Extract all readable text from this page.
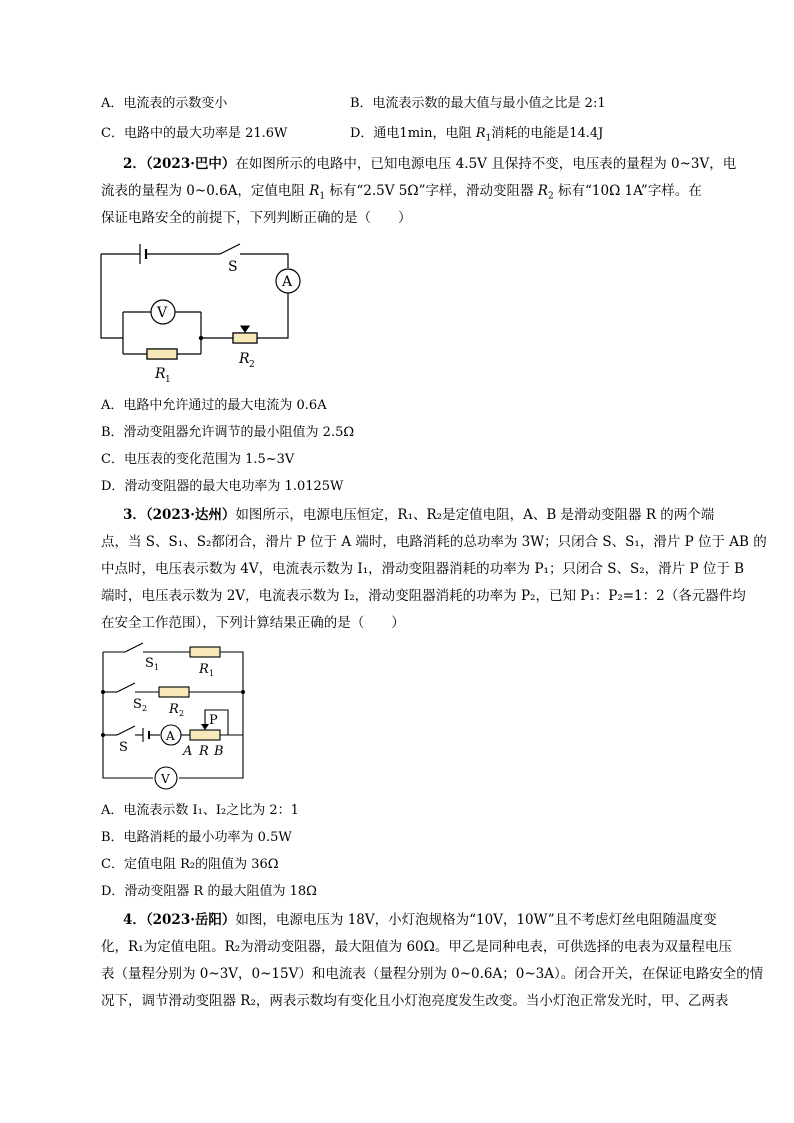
A．电流表的示数变小	B．电流表示数的最大值与最小值之比是 2:1
C．电路中的最大功率是 21.6W	D．通电1min，电阻 $R_1$消耗的电能是14.4J
2．（2023·巴中）在如图所示的电路中，已知电源电压 4.5V 且保持不变，电压表的量程为 0~3V，电
流表的量程为 0~0.6A，定值电阻 $R_1$ 标有“2.5V 5Ω”字样，滑动变阻器 $R_2$ 标有“10Ω 1A”字样。在
保证电路安全的前提下，下列判断正确的是（　　）
S
A
V
R 2
R 1
A．电路中允许通过的最大电流为 0.6A
B．滑动变阻器允许调节的最小阻值为 2.5Ω
C．电压表的变化范围为 1.5~3V
D．滑动变阻器的最大电功率为 1.0125W
3．（2023·达州）如图所示，电源电压恒定，R₁、R₂是定值电阻，A、B 是滑动变阻器 R 的两个端
点，当 S、S₁、S₂都闭合，滑片 P 位于 A 端时，电路消耗的总功率为 3W；只闭合 S、S₁，滑片 P 位于 AB 的
中点时，电压表示数为 4V，电流表示数为 I₁，滑动变阻器消耗的功率为 P₁；只闭合 S、S₂，滑片 P 位于 B
端时，电压表示数为 2V，电流表示数为 I₂，滑动变阻器消耗的功率为 P₂，已知 P₁：P₂=1：2（各元器件均
在安全工作范围），下列计算结果正确的是（　　）
S 1	R 1
S 2 R 2
S
A
P
A R B
V
A．电流表示数 I₁、I₂之比为 2：1
B．电路消耗的最小功率为 0.5W
C．定值电阻 R₂的阻值为 36Ω
D．滑动变阻器 R 的最大阻值为 18Ω
4．（2023·岳阳）如图，电源电压为 18V，小灯泡规格为“10V，10W”且不考虑灯丝电阻随温度变
化，R₁为定值电阻。R₂为滑动变阻器，最大阻值为 60Ω。甲乙是同种电表，可供选择的电表为双量程电压
表（量程分别为 0~3V，0~15V）和电流表（量程分别为 0~0.6A；0~3A）。闭合开关，在保证电路安全的情
况下，调节滑动变阻器 R₂，两表示数均有变化且小灯泡亮度发生改变。当小灯泡正常发光时，甲、乙两表
